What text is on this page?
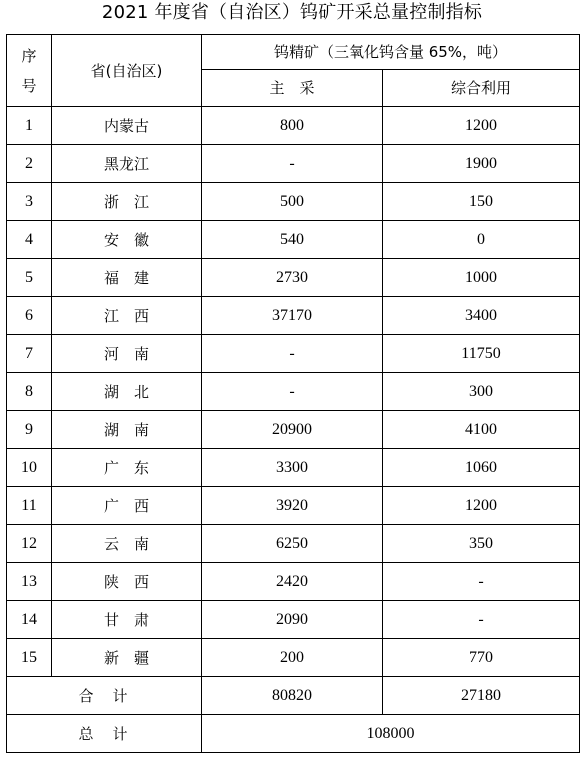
2021 年度省（自治区）钨矿开采总量控制指标
序
号	省(自治区)	钨精矿（三氧化钨含量 65%，吨）	
		主　采	综合利用
1	内蒙古	800	1200
2	黑龙江	-	1900
3	浙　江	500	150
4	安　徽	540	0
5	福　建	2730	1000
6	江　西	37170	3400
7	河　南	-	11750
8	湖　北	-	300
9	湖　南	20900	4100
10	广　东	3300	1060
11	广　西	3920	1200
12	云　南	6250	350
13	陕　西	2420	-
14	甘　肃	2090	-
15	新　疆	200	770
合　计		80820	27180
总　计		108000	
